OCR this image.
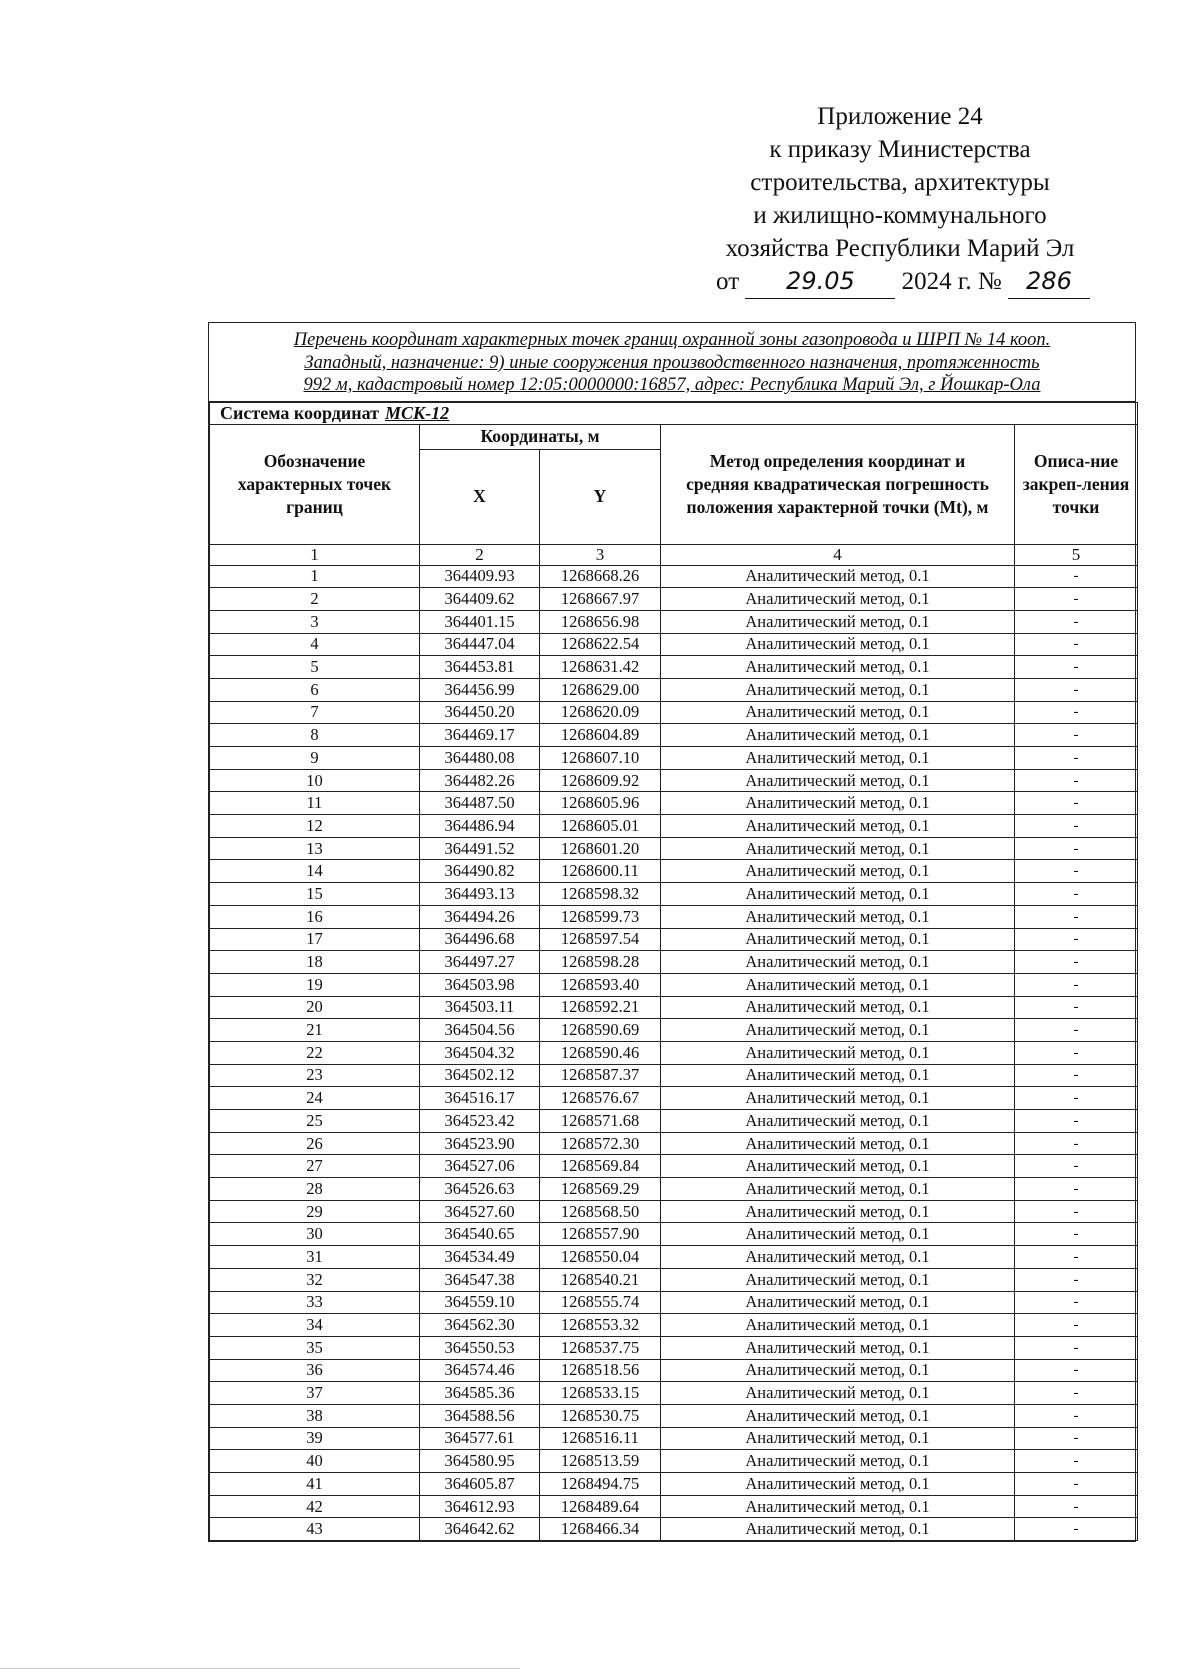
Приложение 24
к приказу Министерства
строительства, архитектуры
и жилищно-коммунального
хозяйства Республики Марий Эл
от 29.05 2024 г. № 286
Перечень координат характерных точек границ охранной зоны газопровода и ШРП № 14 кооп.
Западный, назначение: 9) иные сооружения производственного назначения, протяженность
992 м, кадастровый номер 12:05:0000000:16857, адрес: Республика Марий Эл, г Йошкар-Ола
Система координат МСК-12				
Обозначение характерных точек границ	Координаты, м		Метод определения координат и средняя квадратическая погрешность положения характерной точки (Mt), м	Описа-ние закреп-ления точки
	X	Y		
1	2	3	4	5
1	364409.93	1268668.26	Аналитический метод, 0.1	-
2	364409.62	1268667.97	Аналитический метод, 0.1	-
3	364401.15	1268656.98	Аналитический метод, 0.1	-
4	364447.04	1268622.54	Аналитический метод, 0.1	-
5	364453.81	1268631.42	Аналитический метод, 0.1	-
6	364456.99	1268629.00	Аналитический метод, 0.1	-
7	364450.20	1268620.09	Аналитический метод, 0.1	-
8	364469.17	1268604.89	Аналитический метод, 0.1	-
9	364480.08	1268607.10	Аналитический метод, 0.1	-
10	364482.26	1268609.92	Аналитический метод, 0.1	-
11	364487.50	1268605.96	Аналитический метод, 0.1	-
12	364486.94	1268605.01	Аналитический метод, 0.1	-
13	364491.52	1268601.20	Аналитический метод, 0.1	-
14	364490.82	1268600.11	Аналитический метод, 0.1	-
15	364493.13	1268598.32	Аналитический метод, 0.1	-
16	364494.26	1268599.73	Аналитический метод, 0.1	-
17	364496.68	1268597.54	Аналитический метод, 0.1	-
18	364497.27	1268598.28	Аналитический метод, 0.1	-
19	364503.98	1268593.40	Аналитический метод, 0.1	-
20	364503.11	1268592.21	Аналитический метод, 0.1	-
21	364504.56	1268590.69	Аналитический метод, 0.1	-
22	364504.32	1268590.46	Аналитический метод, 0.1	-
23	364502.12	1268587.37	Аналитический метод, 0.1	-
24	364516.17	1268576.67	Аналитический метод, 0.1	-
25	364523.42	1268571.68	Аналитический метод, 0.1	-
26	364523.90	1268572.30	Аналитический метод, 0.1	-
27	364527.06	1268569.84	Аналитический метод, 0.1	-
28	364526.63	1268569.29	Аналитический метод, 0.1	-
29	364527.60	1268568.50	Аналитический метод, 0.1	-
30	364540.65	1268557.90	Аналитический метод, 0.1	-
31	364534.49	1268550.04	Аналитический метод, 0.1	-
32	364547.38	1268540.21	Аналитический метод, 0.1	-
33	364559.10	1268555.74	Аналитический метод, 0.1	-
34	364562.30	1268553.32	Аналитический метод, 0.1	-
35	364550.53	1268537.75	Аналитический метод, 0.1	-
36	364574.46	1268518.56	Аналитический метод, 0.1	-
37	364585.36	1268533.15	Аналитический метод, 0.1	-
38	364588.56	1268530.75	Аналитический метод, 0.1	-
39	364577.61	1268516.11	Аналитический метод, 0.1	-
40	364580.95	1268513.59	Аналитический метод, 0.1	-
41	364605.87	1268494.75	Аналитический метод, 0.1	-
42	364612.93	1268489.64	Аналитический метод, 0.1	-
43	364642.62	1268466.34	Аналитический метод, 0.1	-
